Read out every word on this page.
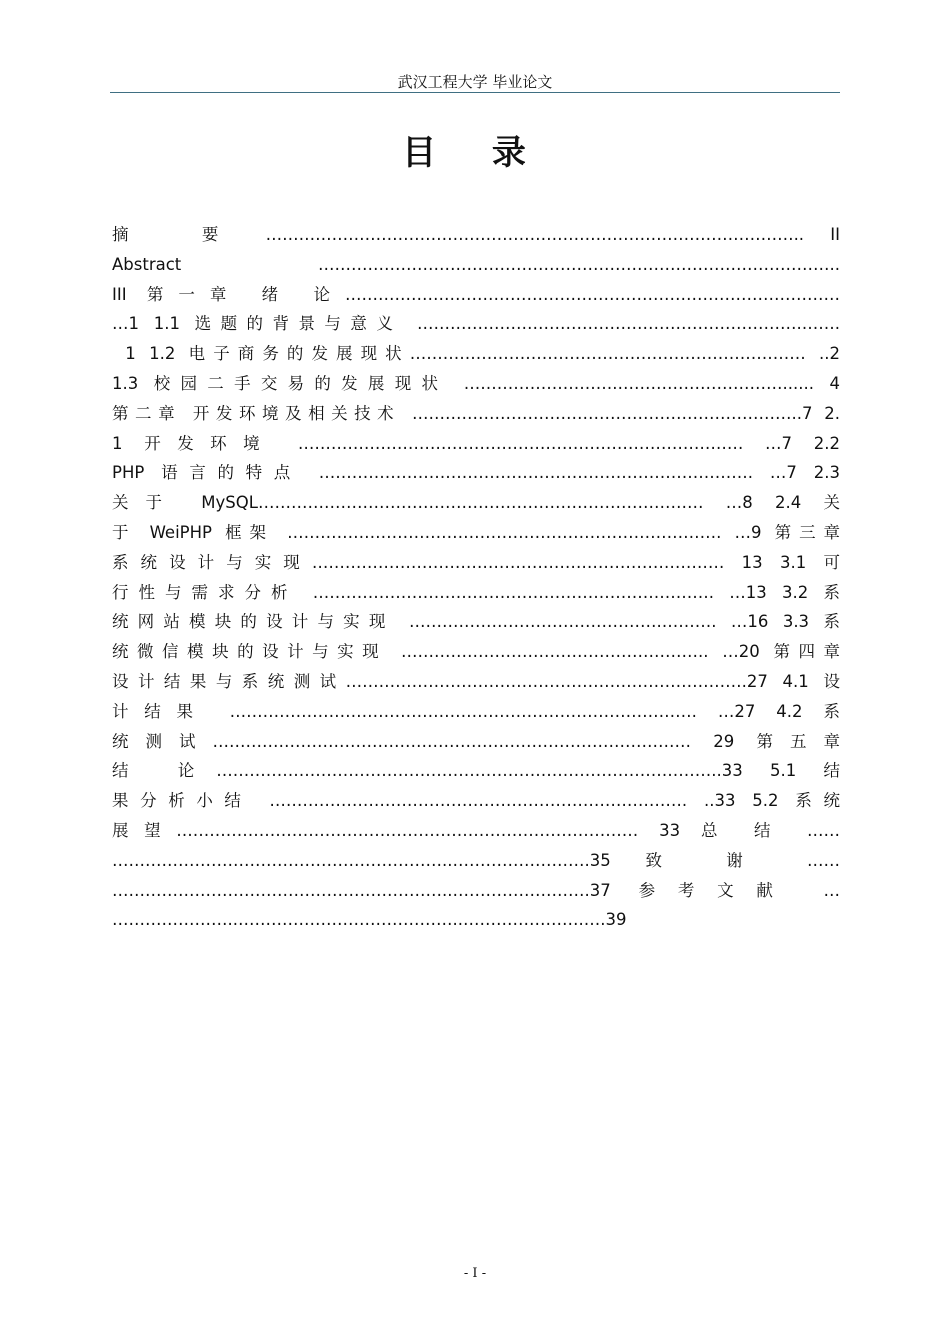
武汉工程大学 毕业论文
目 录
摘  要 …………………………………………………………………………………….. II
Abstract    …………………………………………………………………………………..
III 第一章 绪 论………………………………………………………………………………
…1 1.1 选题的背景与意义 …………………………………………………………….…….
1 1.2 电子商务的发展现状……………………………………………………………… ..2
1.3 校园二手交易的发展现状 ……………………….…………………………...... 4
第二章 开发环境及相关技术 ……………………………………………………………..7 2.
1 开发环境 ……………………………………………………………………… …7 2.2
PHP 语言的特点 ……………………………………………………………………. …7 2.3
关于 MySQL……………………………………………………………………… …8 2.4 关
于 WeiPHP 框架 ……………………………………………………………………. …9 第三章
系统设计与实现………………………………………………………………… 13 3.1 可
行性与需求分析 ………………………………………………………………. …13 3.2 系
统网站模块的设计与实现 ……………………………………….………. …16 3.3 系
统微信模块的设计与实现 ……………………………………………….. …20 第四章
设计结果与系统测试……………………………………………………………….27 4.1 设
计结果 …………………………………………………………………………. …27 4.2 系
统测试…………………………………………………………………………… 29 第五章
结 论………………………………………………………………………………..33 5.1 结
果分析小结 …………………………………………………………………. ..33 5.2 系统
展望………………………………………………………………………… 33 总 结 ……
……………………………………………………..…………………….35 致 谢 ……
……………………………………………………..…………………….37 参考文献 …
…………………..…………………………………..………………….….39
- I -
